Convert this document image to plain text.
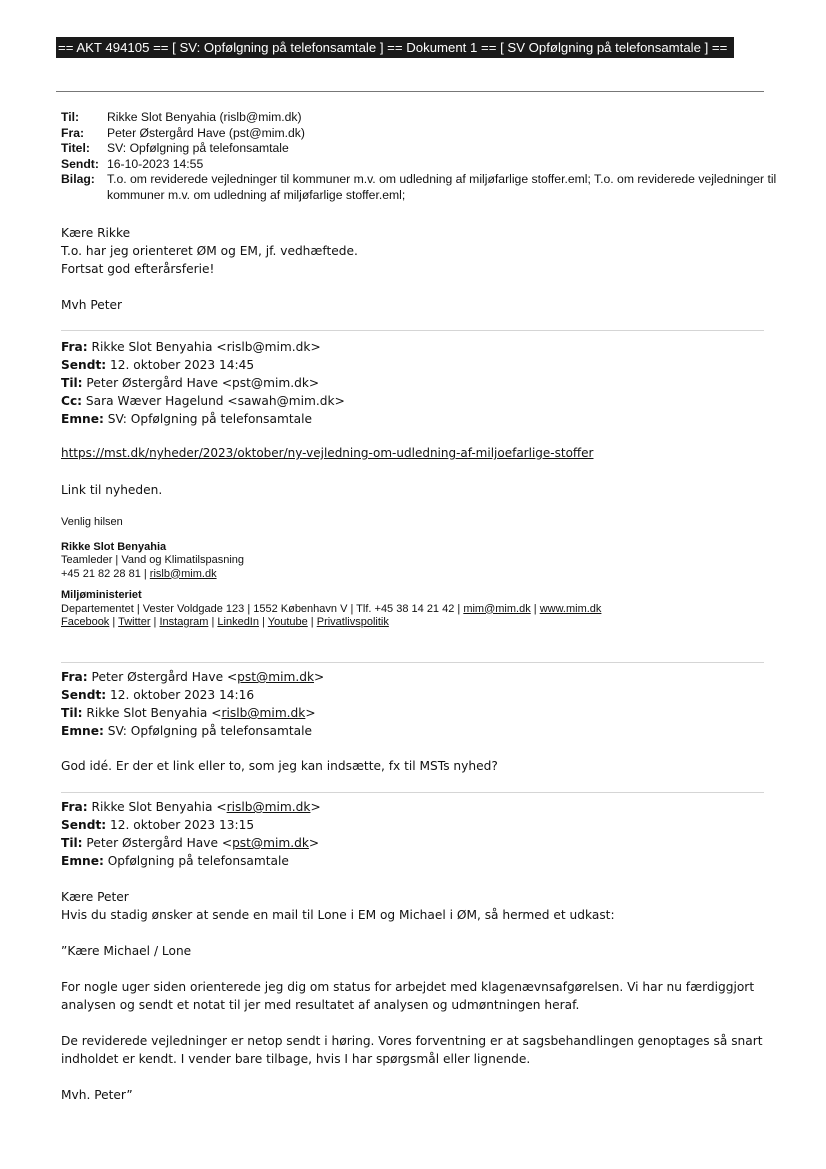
== AKT 494105 == [ SV: Opfølgning på telefonsamtale ] == Dokument 1 == [ SV Opfølgning på telefonsamtale ] ==
Til:	Rikke Slot Benyahia (rislb@mim.dk)
Fra:	Peter Østergård Have (pst@mim.dk)
Titel:	SV: Opfølgning på telefonsamtale
Sendt:	16-10-2023 14:55
Bilag:	T.o. om reviderede vejledninger til kommuner m.v. om udledning af miljøfarlige stoffer.eml; T.o. om reviderede vejledninger til kommuner m.v. om udledning af miljøfarlige stoffer.eml;

Kære Rikke

T.o. har jeg orienteret ØM og EM, jf. vedhæftede.

Fortsat god efterårsferie!

Mvh Peter

Fra: Rikke Slot Benyahia <rislb@mim.dk>
Sendt: 12. oktober 2023 14:45
Til: Peter Østergård Have <pst@mim.dk>
Cc: Sara Wæver Hagelund <sawah@mim.dk>
Emne: SV: Opfølgning på telefonsamtale

https://mst.dk/nyheder/2023/oktober/ny-vejledning-om-udledning-af-miljoefarlige-stoffer

Link til nyheden.

Venlig hilsen
Rikke Slot Benyahia
Teamleder | Vand og Klimatilspasning
+45 21 82 28 81 | rislb@mim.dk
Miljøministeriet
Departementet | Vester Voldgade 123 | 1552 København V | Tlf. +45 38 14 21 42 | mim@mim.dk | www.mim.dk
Facebook | Twitter | Instagram | LinkedIn | Youtube | Privatlivspolitik
Fra: Peter Østergård Have <pst@mim.dk>
Sendt: 12. oktober 2023 14:16
Til: Rikke Slot Benyahia <rislb@mim.dk>
Emne: SV: Opfølgning på telefonsamtale

God idé. Er der et link eller to, som jeg kan indsætte, fx til MSTs nyhed?

Fra: Rikke Slot Benyahia <rislb@mim.dk>
Sendt: 12. oktober 2023 13:15
Til: Peter Østergård Have <pst@mim.dk>
Emne: Opfølgning på telefonsamtale

Kære Peter

Hvis du stadig ønsker at sende en mail til Lone i EM og Michael i ØM, så hermed et udkast:

”Kære Michael / Lone

For nogle uger siden orienterede jeg dig om status for arbejdet med klagenævnsafgørelsen. Vi har nu færdiggjort analysen og sendt et notat til jer med resultatet af analysen og udmøntningen heraf.

De reviderede vejledninger er netop sendt i høring. Vores forventning er at sagsbehandlingen genoptages så snart indholdet er kendt. I vender bare tilbage, hvis I har spørgsmål eller lignende.

Mvh. Peter”
